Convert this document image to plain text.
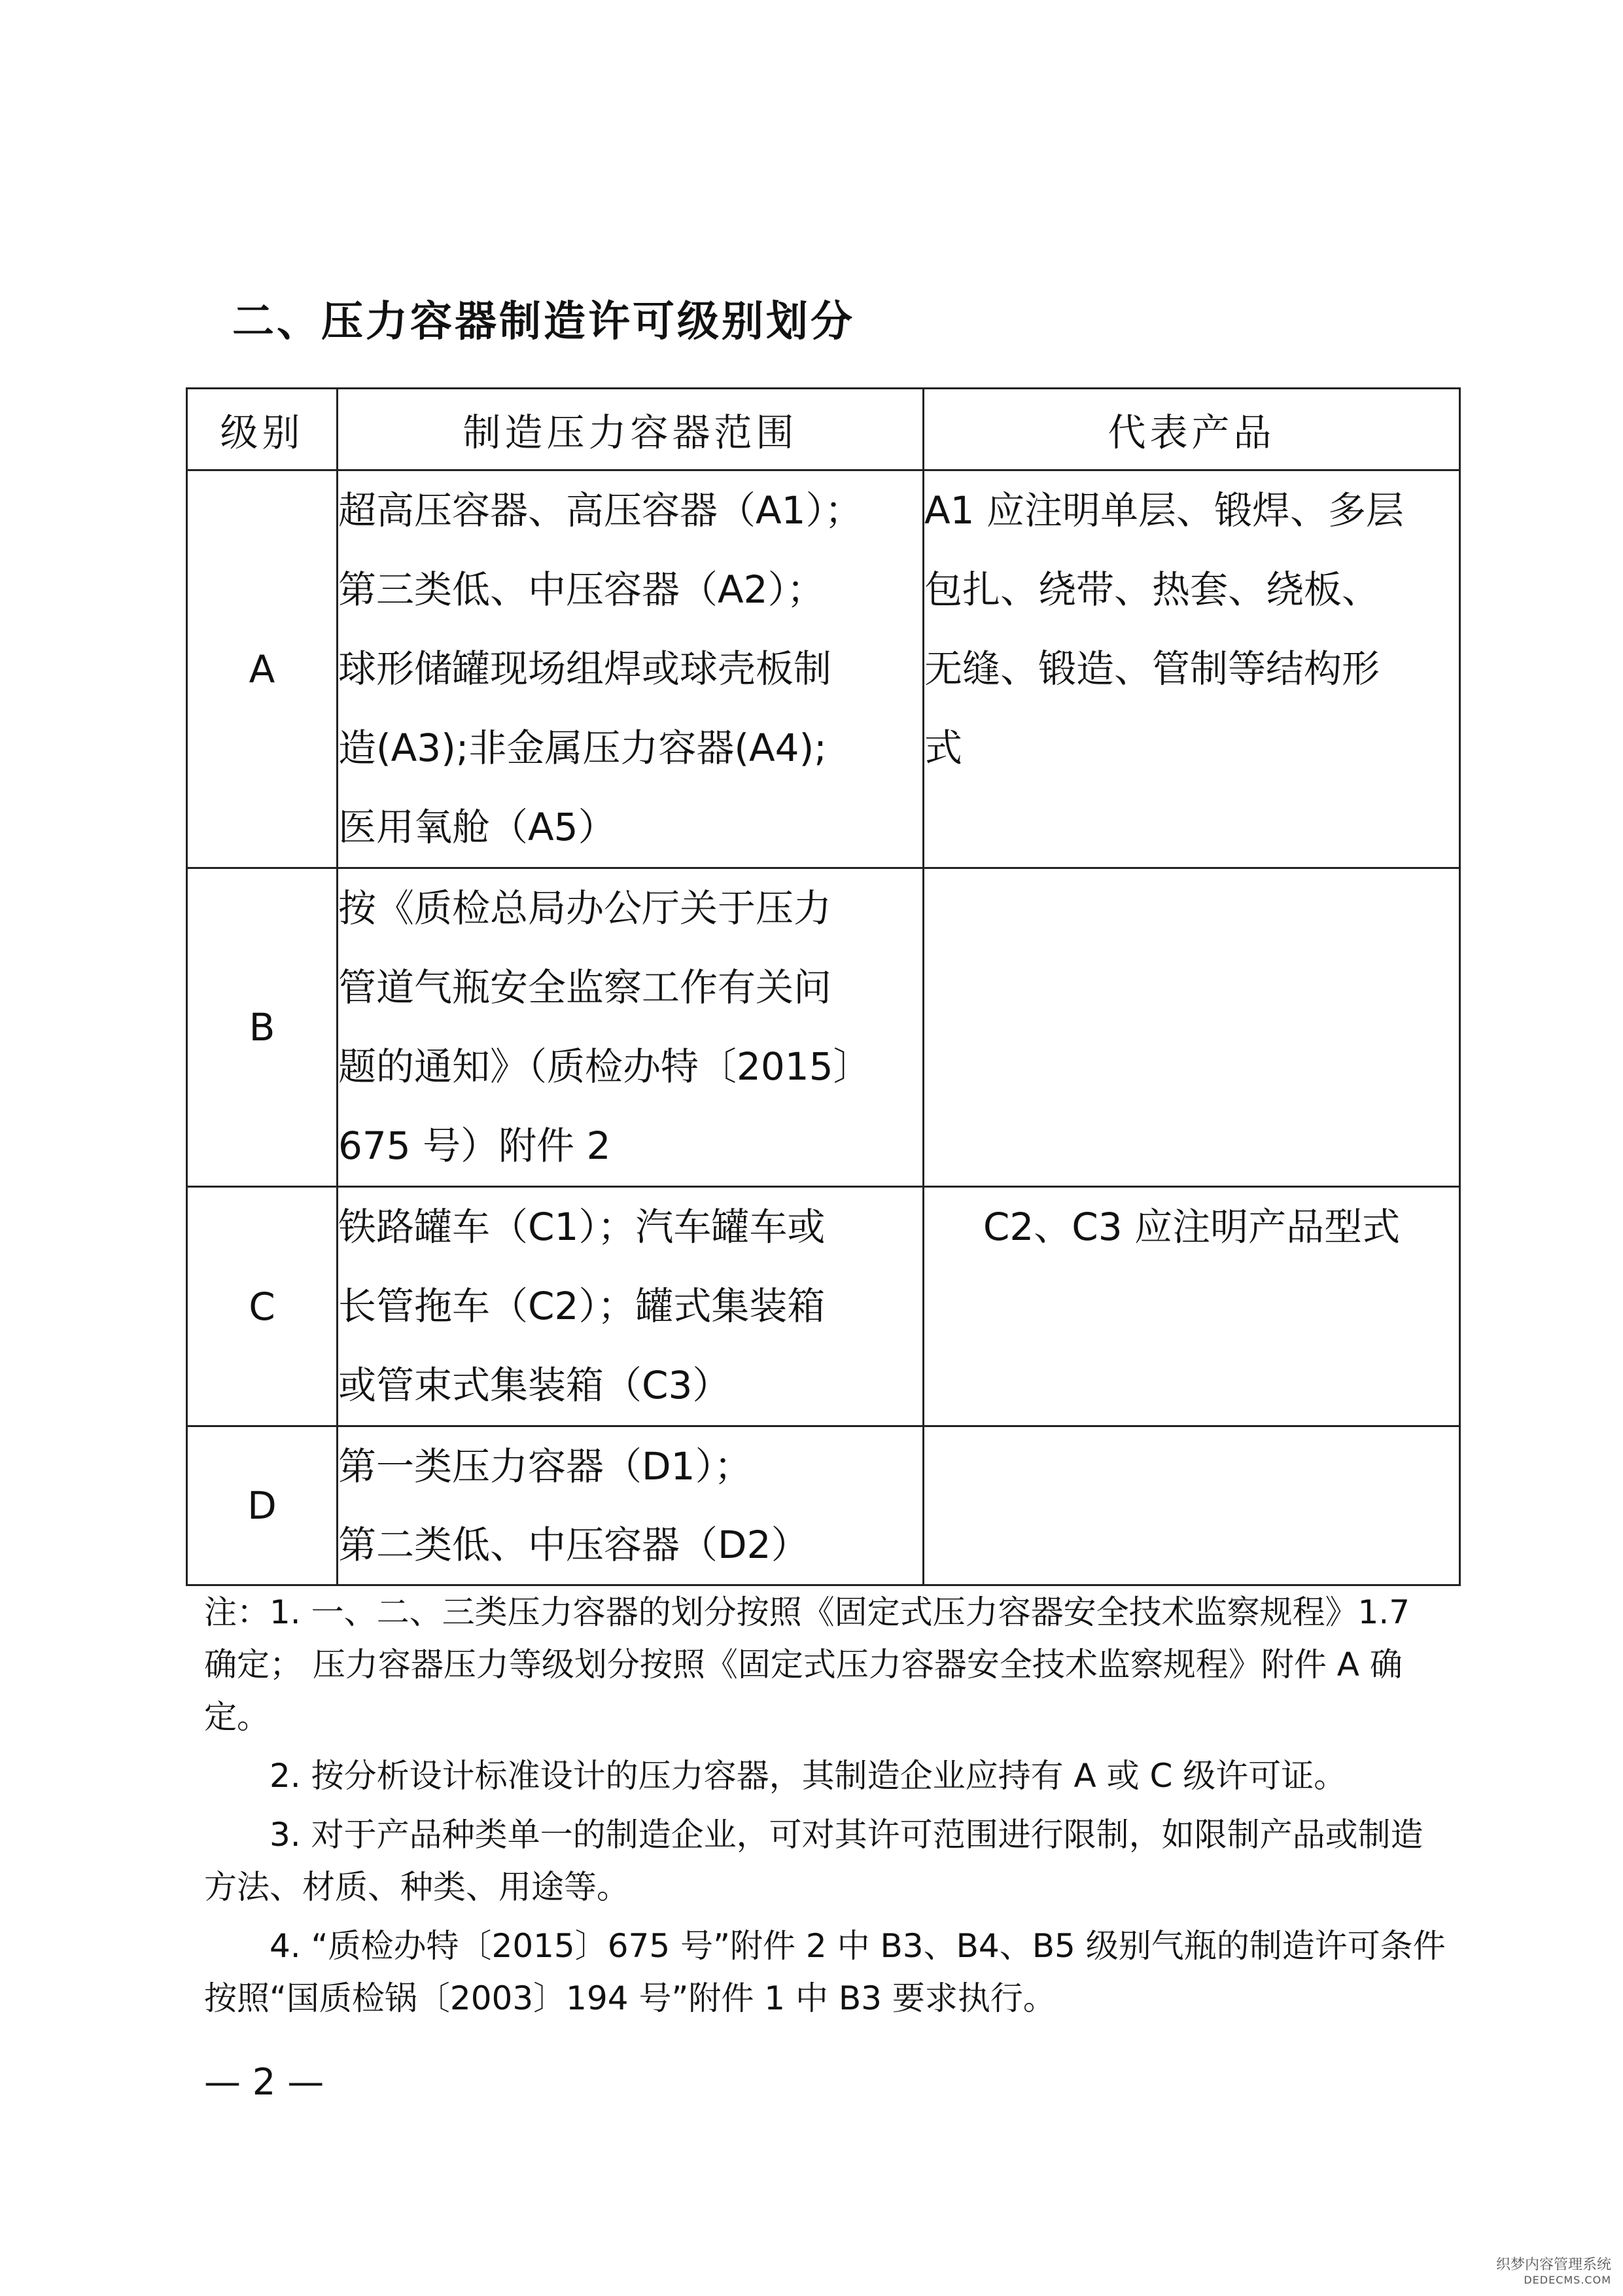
二、压力容器制造许可级别划分
级别	制造压力容器范围	代表产品
A	超高压容器、高压容器（A1）；
第三类低、中压容器（A2）；
球形储罐现场组焊或球壳板制
造(A3);非金属压力容器(A4);
医用氧舱（A5）	A1 应注明单层、锻焊、多层
包扎、绕带、热套、绕板、
无缝、锻造、管制等结构形
式

B	按《质检总局办公厅关于压力
管道气瓶安全监察工作有关问
题的通知》（质检办特〔2015〕
675 号）附件 2	

C	铁路罐车（C1）；汽车罐车或
长管拖车（C2）；罐式集装箱
或管束式集装箱（C3）	C2、C3 应注明产品型式

D	第一类压力容器（D1）；
第二类低、中压容器（D2）	

注：1. 一、二、三类压力容器的划分按照《固定式压力容器安全技术监察规程》1.7 确定； 压力容器压力等级划分按照《固定式压力容器安全技术监察规程》附件 A 确定。

2. 按分析设计标准设计的压力容器，其制造企业应持有 A 或 C 级许可证。

3. 对于产品种类单一的制造企业，可对其许可范围进行限制，如限制产品或制造方法、材质、种类、用途等。

4. “质检办特〔2015〕675 号”附件 2 中 B3、B4、B5 级别气瓶的制造许可条件按照“国质检锅〔2003〕194 号”附件 1 中 B3 要求执行。

— 2 —
织梦内容管理系统
DEDECMS.COM
